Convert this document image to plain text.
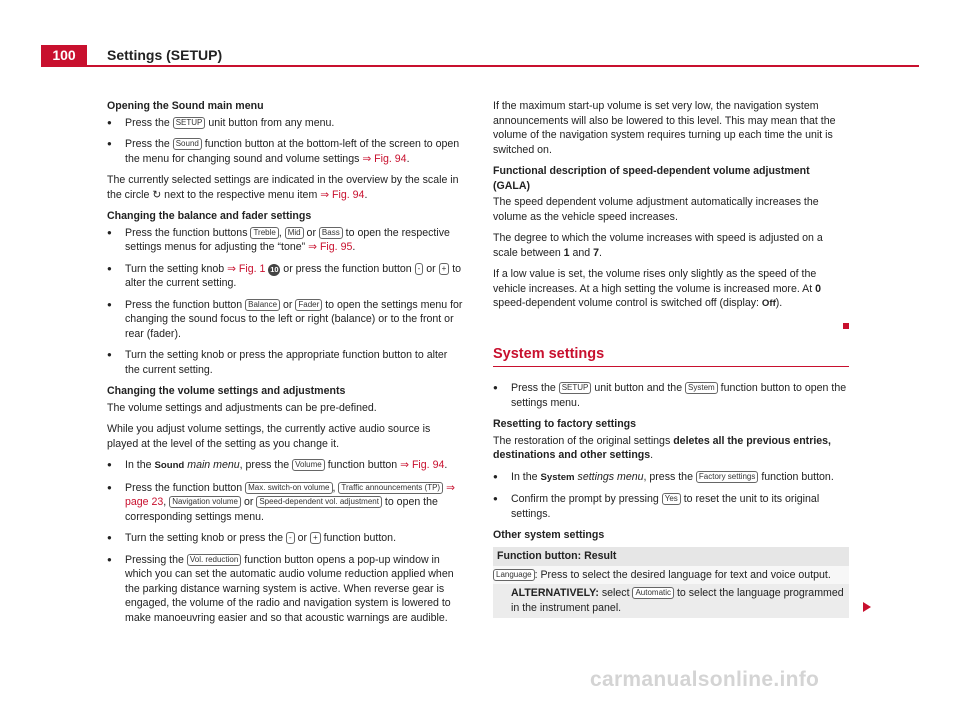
100	Settings (SETUP)

Opening the Sound main menu

● Press the SETUP unit button from any menu.
● Press the Sound function button at the bottom-left of the screen to open the menu for changing sound and volume settings ⇒ Fig. 94.

The currently selected settings are indicated in the overview by the scale in the circle ↻ next to the respective menu item ⇒ Fig. 94.

Changing the balance and fader settings

● Press the function buttons Treble , Mid or Bass to open the respective settings menus for adjusting the “tone” ⇒ Fig. 95.
● Turn the setting knob ⇒ Fig. 1 10 or press the function button - or + to alter the current setting.
● Press the function button Balance or Fader to open the settings menu for changing the sound focus to the left or right (balance) or to the front or rear (fader).
● Turn the setting knob or press the appropriate function button to alter the current setting.

Changing the volume settings and adjustments

The volume settings and adjustments can be pre-defined.

While you adjust volume settings, the currently active audio source is played at the level of the setting as you change it.

● In the Sound main menu, press the Volume function button ⇒ Fig. 94.
● Press the function button Max. switch-on volume , Traffic announcements (TP) ⇒ page 23, Navigation volume or Speed-dependent vol. adjustment to open the corresponding settings menu.
● Turn the setting knob or press the - or + function button.
● Pressing the Vol. reduction function button opens a pop-up window in which you can set the automatic audio volume reduction applied when the parking distance warning system is active. When reverse gear is engaged, the volume of the radio and navigation system is lowered to make manoeuvring easier and so that acoustic warnings are audible.

If the maximum start-up volume is set very low, the navigation system announcements will also be lowered to this level. This may mean that the volume of the navigation system requires turning up each time the unit is switched on.

Functional description of speed-dependent volume adjustment (GALA)

The speed dependent volume adjustment automatically increases the volume as the vehicle speed increases.

The degree to which the volume increases with speed is adjusted on a scale between 1 and 7.

If a low value is set, the volume rises only slightly as the speed of the vehicle increases. At a high setting the volume is increased more. At 0 speed-dependent volume control is switched off (display: Off).

System settings
● Press the SETUP unit button and the System function button to open the settings menu.

Resetting to factory settings

The restoration of the original settings deletes all the previous entries, destinations and other settings.

● In the System settings menu, press the Factory settings function button.
● Confirm the prompt by pressing Yes to reset the unit to its original settings.

Other system settings

Function button: Result
Language : Press to select the desired language for text and voice output.
ALTERNATIVELY: select Automatic to select the language programmed in the instrument panel.
carmanualsonline.info
